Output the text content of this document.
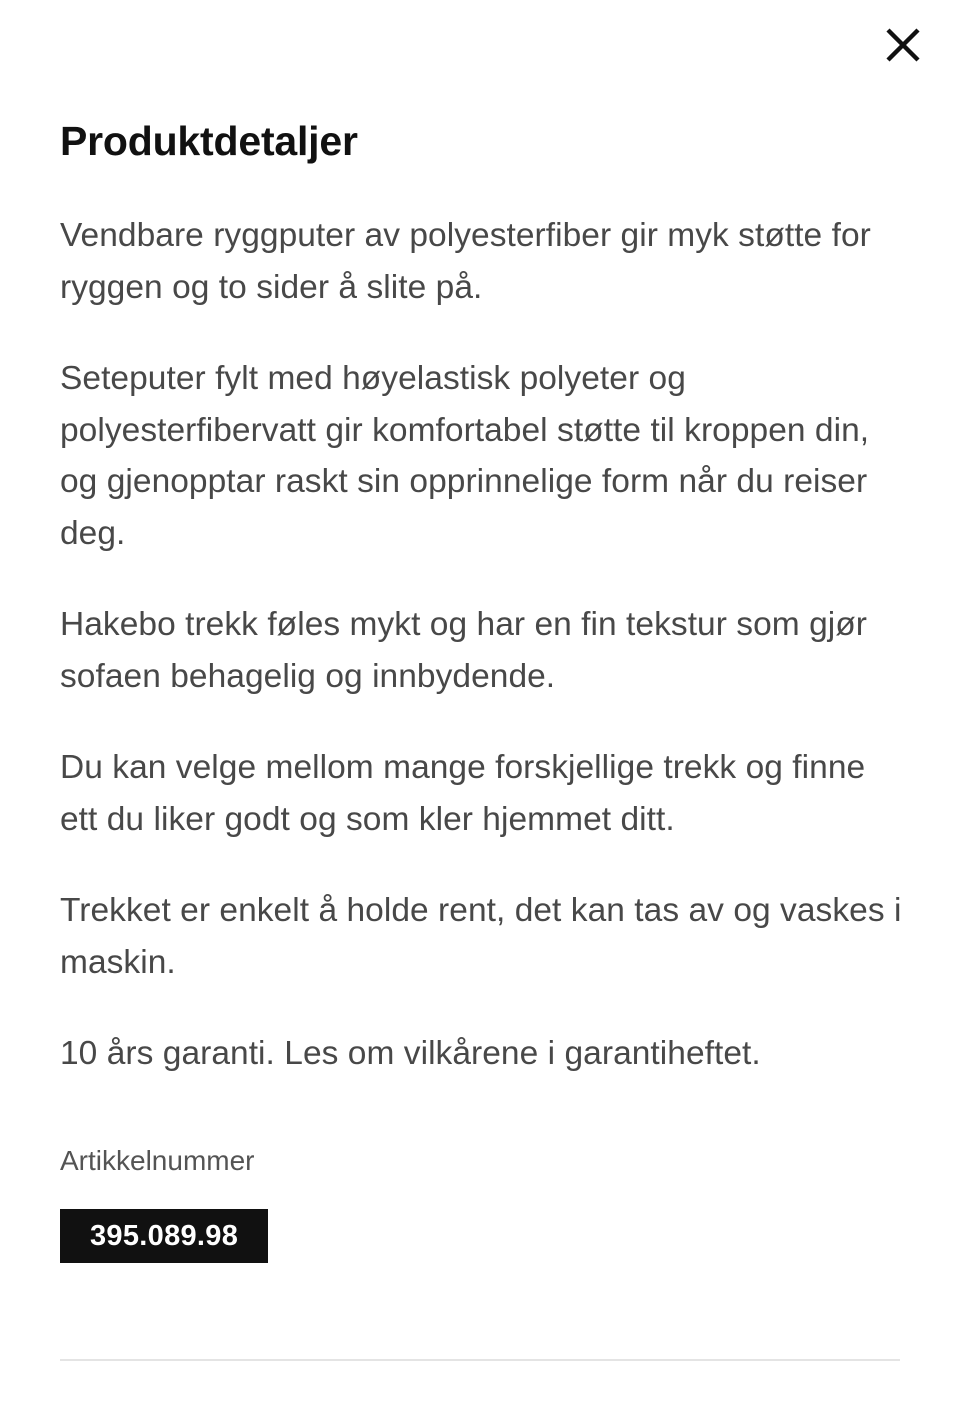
Produktdetaljer

Vendbare ryggputer av polyesterfiber gir myk støtte for ryggen og to sider å slite på.

Seteputer fylt med høyelastisk polyeter og polyesterfibervatt gir komfortabel støtte til kroppen din, og gjenopptar raskt sin opprinnelige form når du reiser deg.

Hakebo trekk føles mykt og har en fin tekstur som gjør sofaen behagelig og innbydende.

Du kan velge mellom mange forskjellige trekk og finne ett du liker godt og som kler hjemmet ditt.

Trekket er enkelt å holde rent, det kan tas av og vaskes i maskin.

10 års garanti. Les om vilkårene i garantiheftet.

Artikkelnummer

395.089.98
